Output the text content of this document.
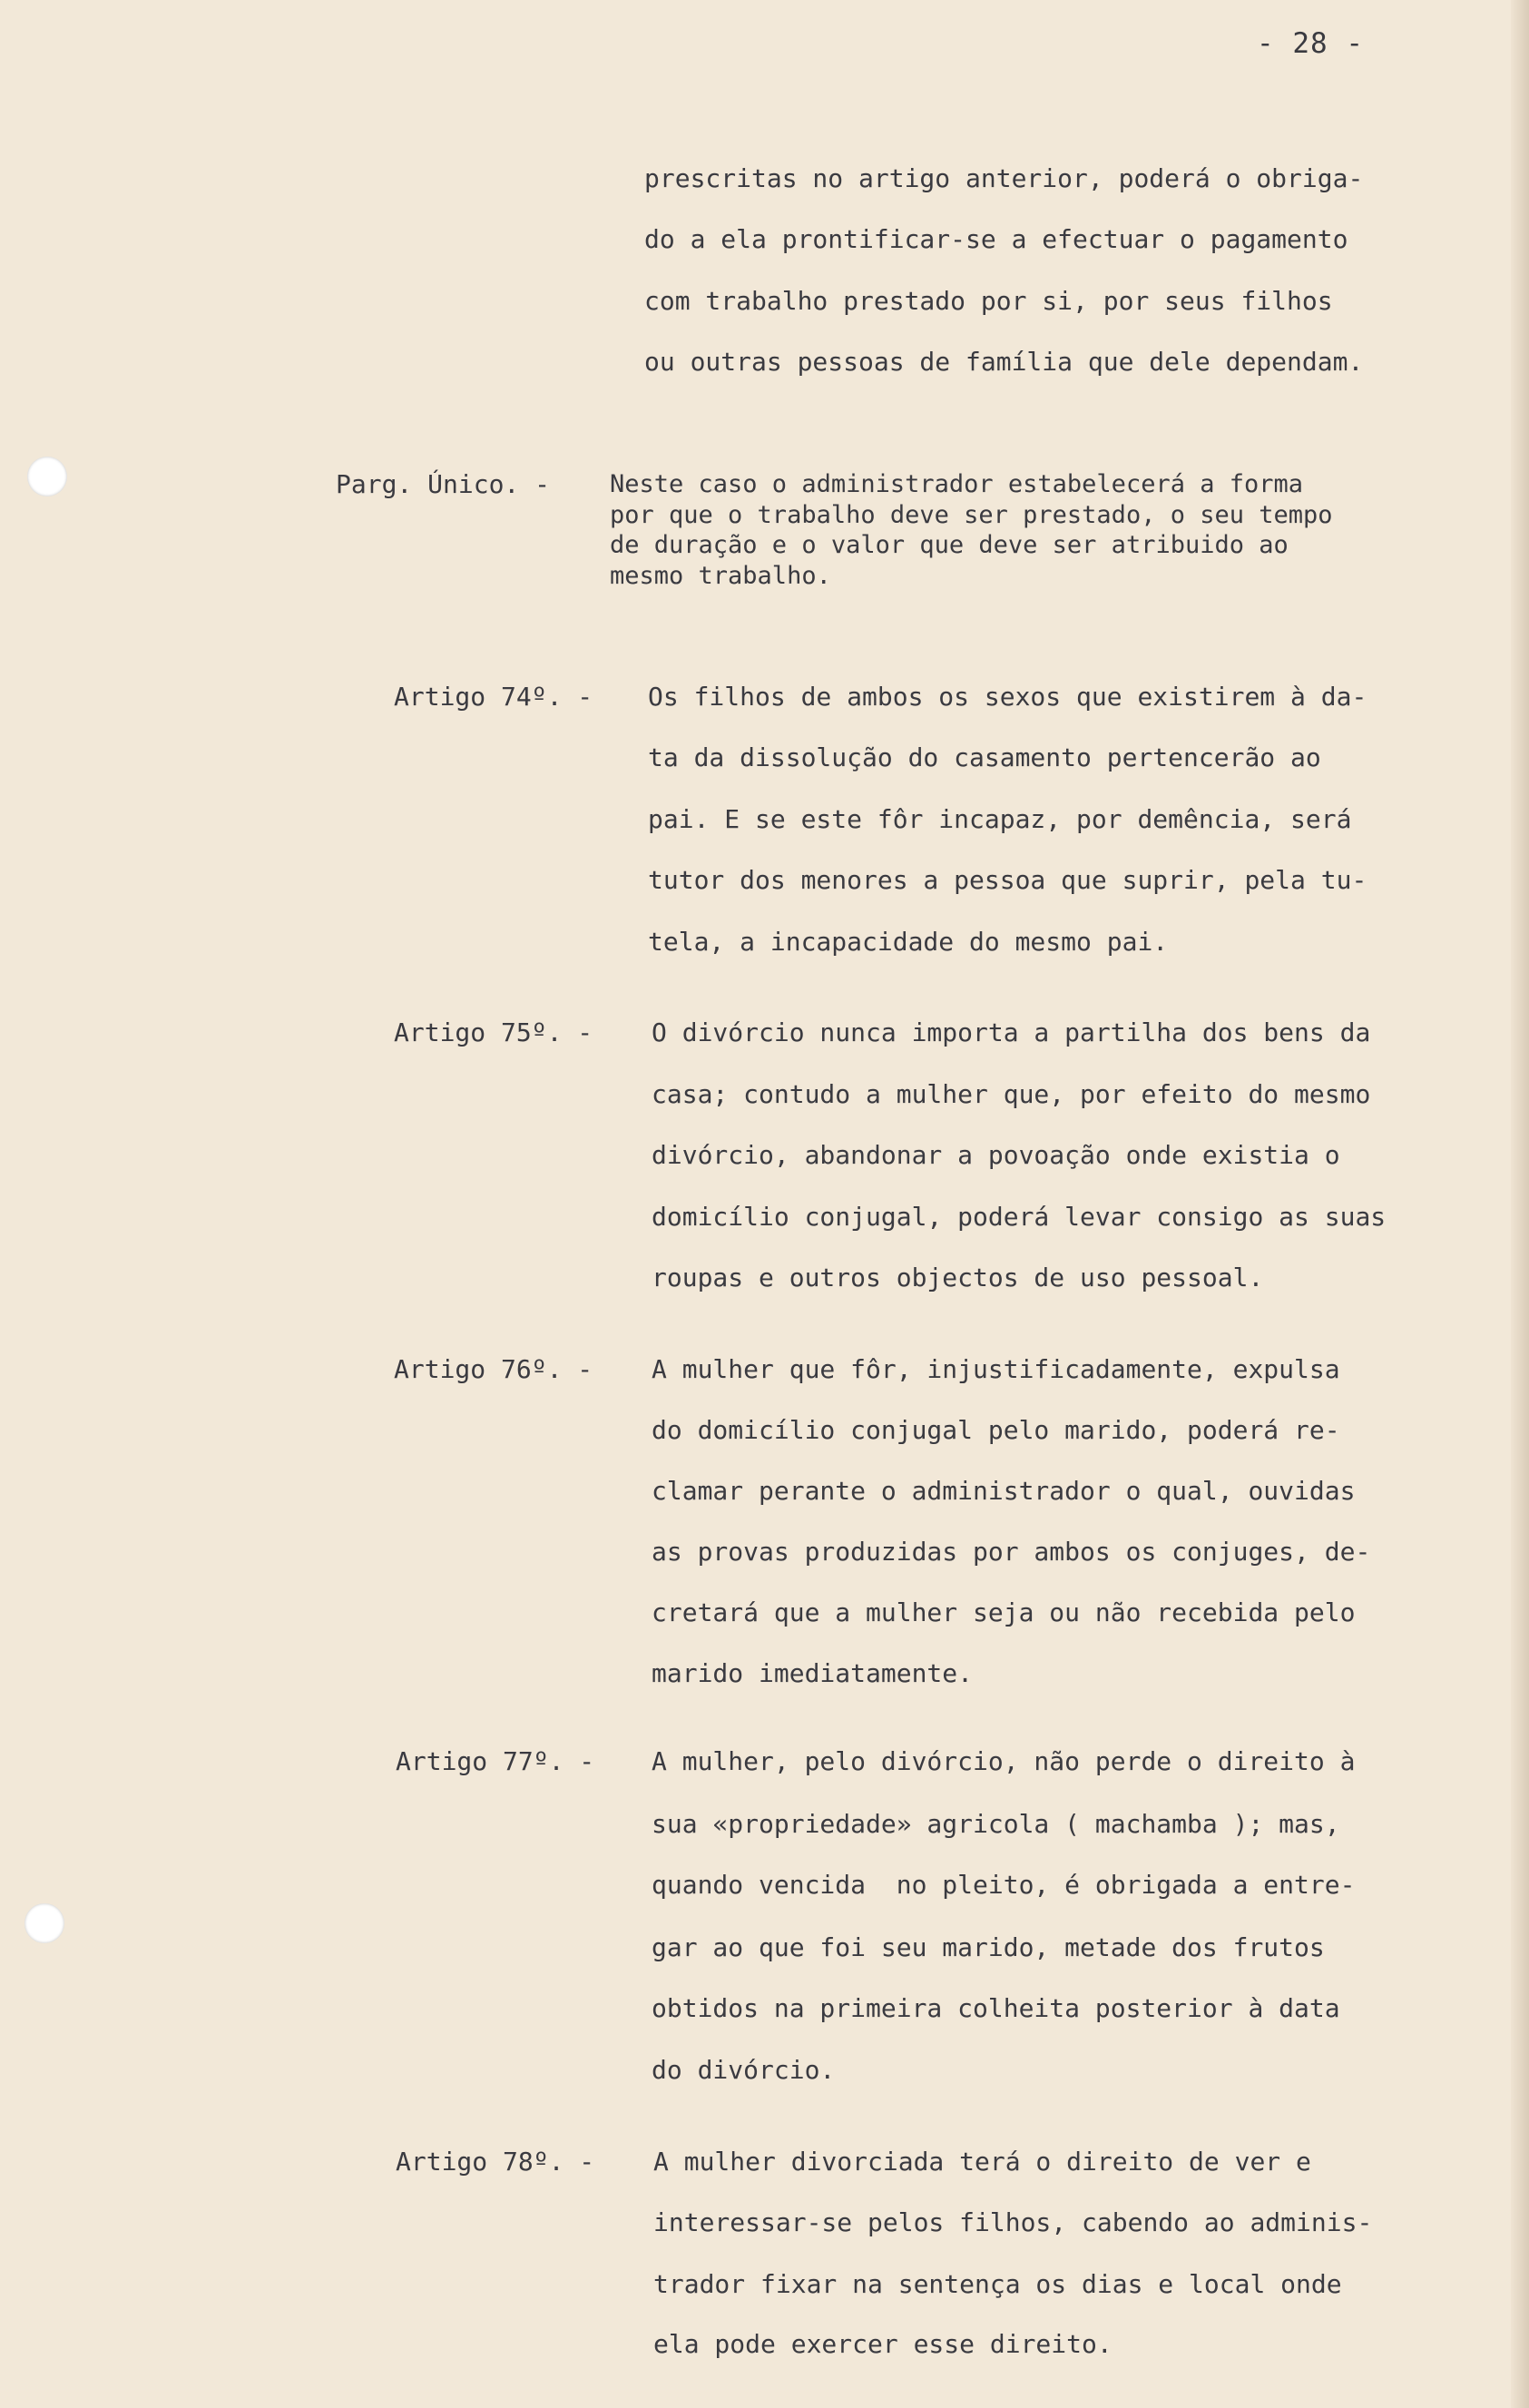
- 28 -
prescritas no artigo anterior, poderá o obriga-
do a ela prontificar-se a efectuar o pagamento
com trabalho prestado por si, por seus filhos
ou outras pessoas de família que dele dependam.
Parg. Único. - Neste caso o administrador estabelecerá a forma
por que o trabalho deve ser prestado, o seu tempo
de duração e o valor que deve ser atribuido ao
mesmo trabalho.
Artigo 74º. - Os filhos de ambos os sexos que existirem à da-
ta da dissolução do casamento pertencerão ao
pai. E se este fôr incapaz, por demência, será
tutor dos menores a pessoa que suprir, pela tu-
tela, a incapacidade do mesmo pai.
Artigo 75º. - O divórcio nunca importa a partilha dos bens da
casa; contudo a mulher que, por efeito do mesmo
divórcio, abandonar a povoação onde existia o
domicílio conjugal, poderá levar consigo as suas
roupas e outros objectos de uso pessoal.
Artigo 76º. - A mulher que fôr, injustificadamente, expulsa
do domicílio conjugal pelo marido, poderá re-
clamar perante o administrador o qual, ouvidas
as provas produzidas por ambos os conjuges, de-
cretará que a mulher seja ou não recebida pelo
marido imediatamente.
Artigo 77º. - A mulher, pelo divórcio, não perde o direito à
sua «propriedade» agricola ( machamba ); mas,
quando vencida  no pleito, é obrigada a entre-
gar ao que foi seu marido, metade dos frutos
obtidos na primeira colheita posterior à data
do divórcio.
Artigo 78º. - A mulher divorciada terá o direito de ver e
interessar-se pelos filhos, cabendo ao adminis-
trador fixar na sentença os dias e local onde
ela pode exercer esse direito.
